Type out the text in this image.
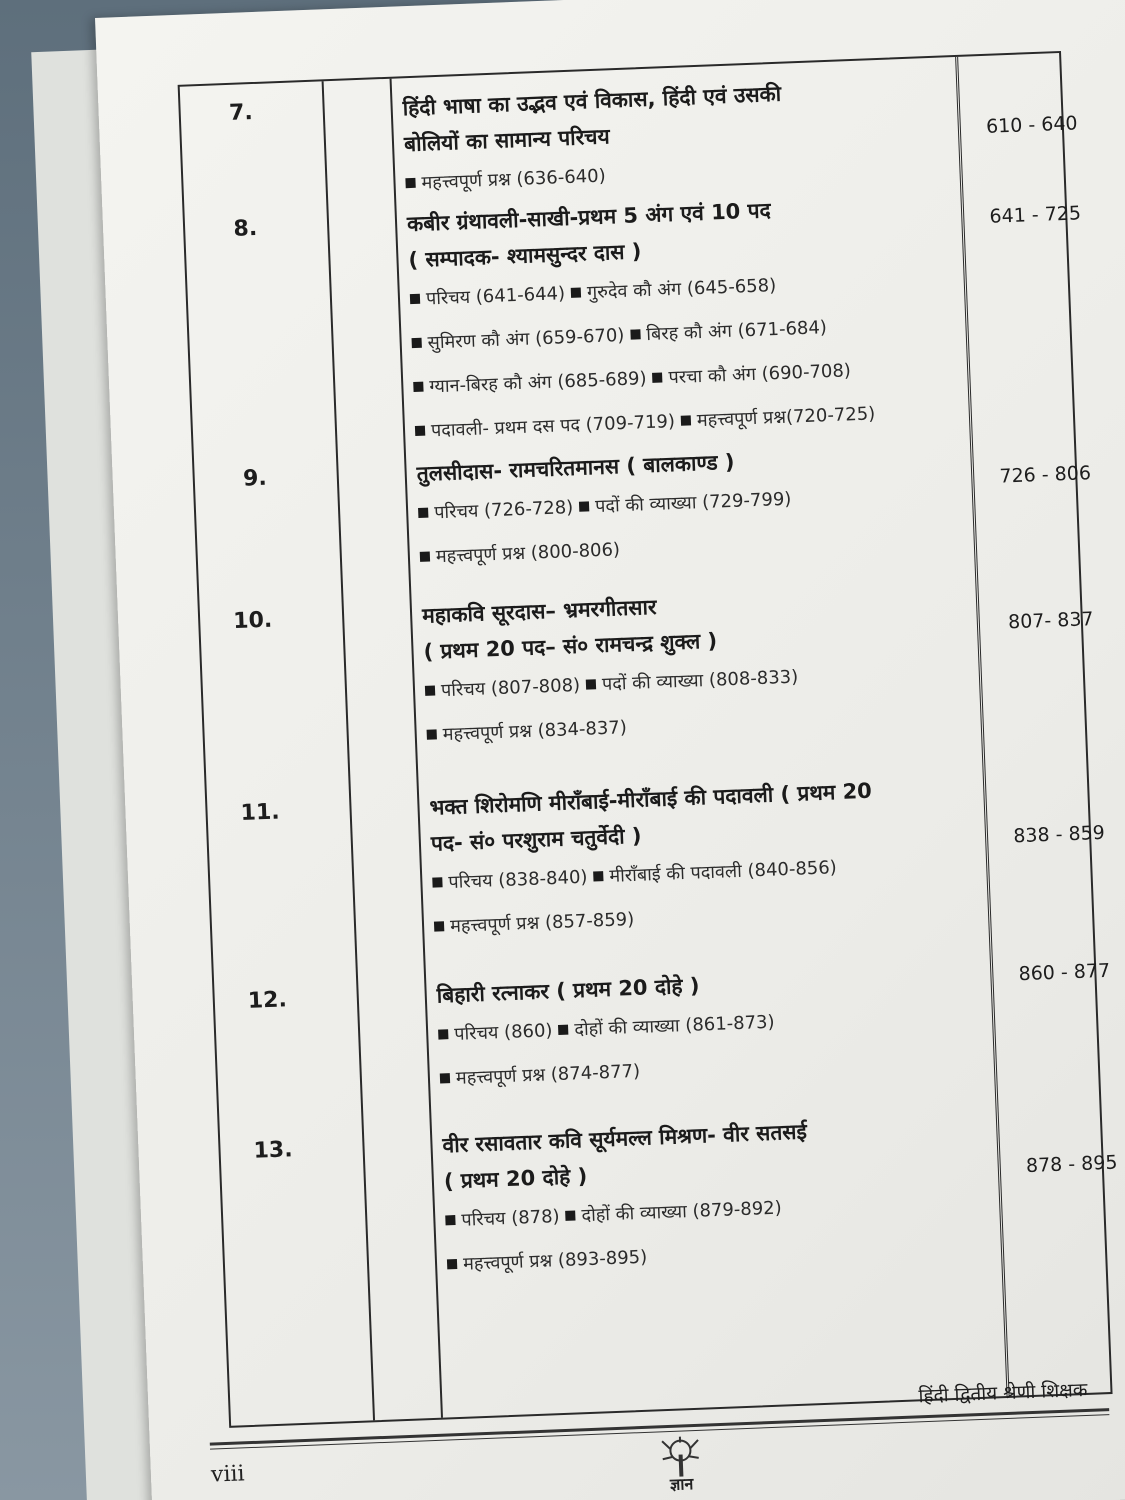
7.	हिंदी भाषा का उद्भव एवं विकास, हिंदी एवं उसकी
बोलियों का सामान्य परिचय
महत्त्वपूर्ण प्रश्न (636-640)
610 - 640
8.	कबीर ग्रंथावली-साखी-प्रथम 5 अंग एवं 10 पद
( सम्पादक- श्यामसुन्दर दास )
परिचय (641-644) गुरुदेव कौ अंग (645-658)
सुमिरण कौ अंग (659-670) बिरह कौ अंग (671-684)
ग्यान-बिरह कौ अंग (685-689) परचा कौ अंग (690-708)
पदावली- प्रथम दस पद (709-719) महत्त्वपूर्ण प्रश्न(720-725)
641 - 725
9.	तुलसीदास- रामचरितमानस ( बालकाण्ड )
परिचय (726-728) पदों की व्याख्या (729-799)
महत्त्वपूर्ण प्रश्न (800-806)
726 - 806
10.	महाकवि सूरदास– भ्रमरगीतसार
( प्रथम 20 पद– सं० रामचन्द्र शुक्ल )
परिचय (807-808) पदों की व्याख्या (808-833)
महत्त्वपूर्ण प्रश्न (834-837)
807- 837
11.	भक्त शिरोमणि मीराँबाई-मीराँबाई की पदावली ( प्रथम 20
पद- सं० परशुराम चतुर्वेदी )
परिचय (838-840) मीराँबाई की पदावली (840-856)
महत्त्वपूर्ण प्रश्न (857-859)
838 - 859
12.	बिहारी रत्नाकर ( प्रथम 20 दोहे )
परिचय (860) दोहों की व्याख्या (861-873)
महत्त्वपूर्ण प्रश्न (874-877)
860 - 877
13.	वीर रसावतार कवि सूर्यमल्ल मिश्रण- वीर सतसई
( प्रथम 20 दोहे )
परिचय (878) दोहों की व्याख्या (879-892)
महत्त्वपूर्ण प्रश्न (893-895)
878 - 895
हिंदी द्वितीय श्रेणी शिक्षक
viii	ज्ञान
